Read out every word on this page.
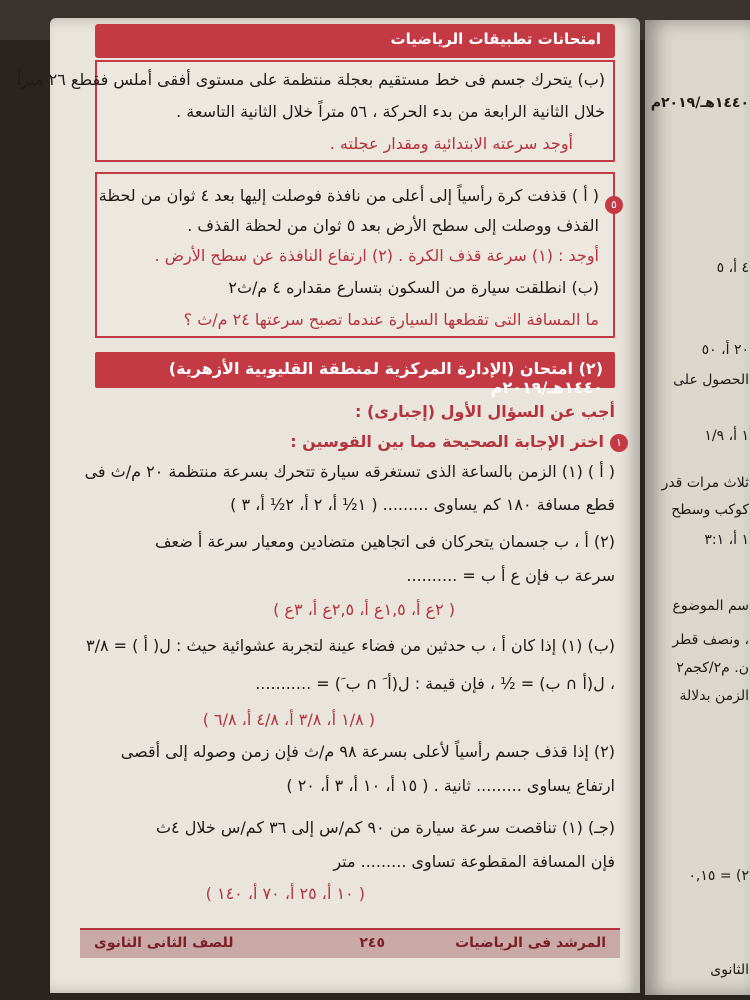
١٤٤٠هـ/٢٠١٩م
٤ أ، ٥
٢٠ أ، ٥٠
الحصول على
١ أ، ١/٩
ثلاث مرات قدر
كوكب وسطح
١ أ، ٣:١
سم الموضوع
، ونصف قطر
ن. م٢/كجم٢
الزمن بدلالة
٢) = ٠,١٥
الثانوى
امتحانات تطبيقات الرياضيات
(ب) يتحرك جسم فى خط مستقيم بعجلة منتظمة على مستوى أفقى أملس فقطع ٢٦ متراً
خلال الثانية الرابعة من بدء الحركة ، ٥٦ متراً خلال الثانية التاسعة .
أوجد سرعته الابتدائية ومقدار عجلته .
٥
( أ ) قذفت كرة رأسياً إلى أعلى من نافذة فوصلت إليها بعد ٤ ثوان من لحظة
القذف ووصلت إلى سطح الأرض بعد ٥ ثوان من لحظة القذف .
أوجد : (١) سرعة قذف الكرة . (٢) ارتفاع النافذة عن سطح الأرض .
(ب) انطلقت سيارة من السكون بتسارع مقداره ٤ م/ث٢
ما المسافة التى تقطعها السيارة عندما تصبح سرعتها ٢٤ م/ث ؟
(٢) امتحان (الإدارة المركزية لمنطقة القليوبية الأزهرية) ١٤٤٠هـ/٢٠١٩م
أجب عن السؤال الأول (إجبارى) :
١
اختر الإجابة الصحيحة مما بين القوسين :
( أ ) (١) الزمن بالساعة الذى تستغرقه سيارة تتحرك بسرعة منتظمة ٢٠ م/ث فى
قطع مسافة ١٨٠ كم يساوى ......... ( ١½ أ، ٢ أ، ٢½ أ، ٣ )
(٢) أ ، ب جسمان يتحركان فى اتجاهين متضادين ومعيار سرعة أ ضعف
سرعة ب فإن ع أ ب = ..........
( ٢ع أ، ١,٥ع أ، ٢,٥ع أ، ٣ع )
(ب) (١) إذا كان أ ، ب حدثين من فضاء عينة لتجربة عشوائية حيث : ل( أ ) = ٣/٨
، ل(أ ∩ ب) = ½ ، فإن قيمة : ل(أ َ ∩ ب َ) = ...........
( ١/٨ أ، ٣/٨ أ، ٤/٨ أ، ٦/٨ )
(٢) إذا قذف جسم رأسياً لأعلى بسرعة ٩٨ م/ث فإن زمن وصوله إلى أقصى
ارتفاع يساوى ......... ثانية . ( ١٥ أ، ١٠ أ، ٣ أ، ٢٠ )
(جـ) (١) تناقصت سرعة سيارة من ٩٠ كم/س إلى ٣٦ كم/س خلال ٤ث
فإن المسافة المقطوعة تساوى ......... متر
( ١٠ أ، ٢٥ أ، ٧٠ أ، ١٤٠ )
المرشد فى الرياضيات
٢٤٥
للصف الثانى الثانوى
